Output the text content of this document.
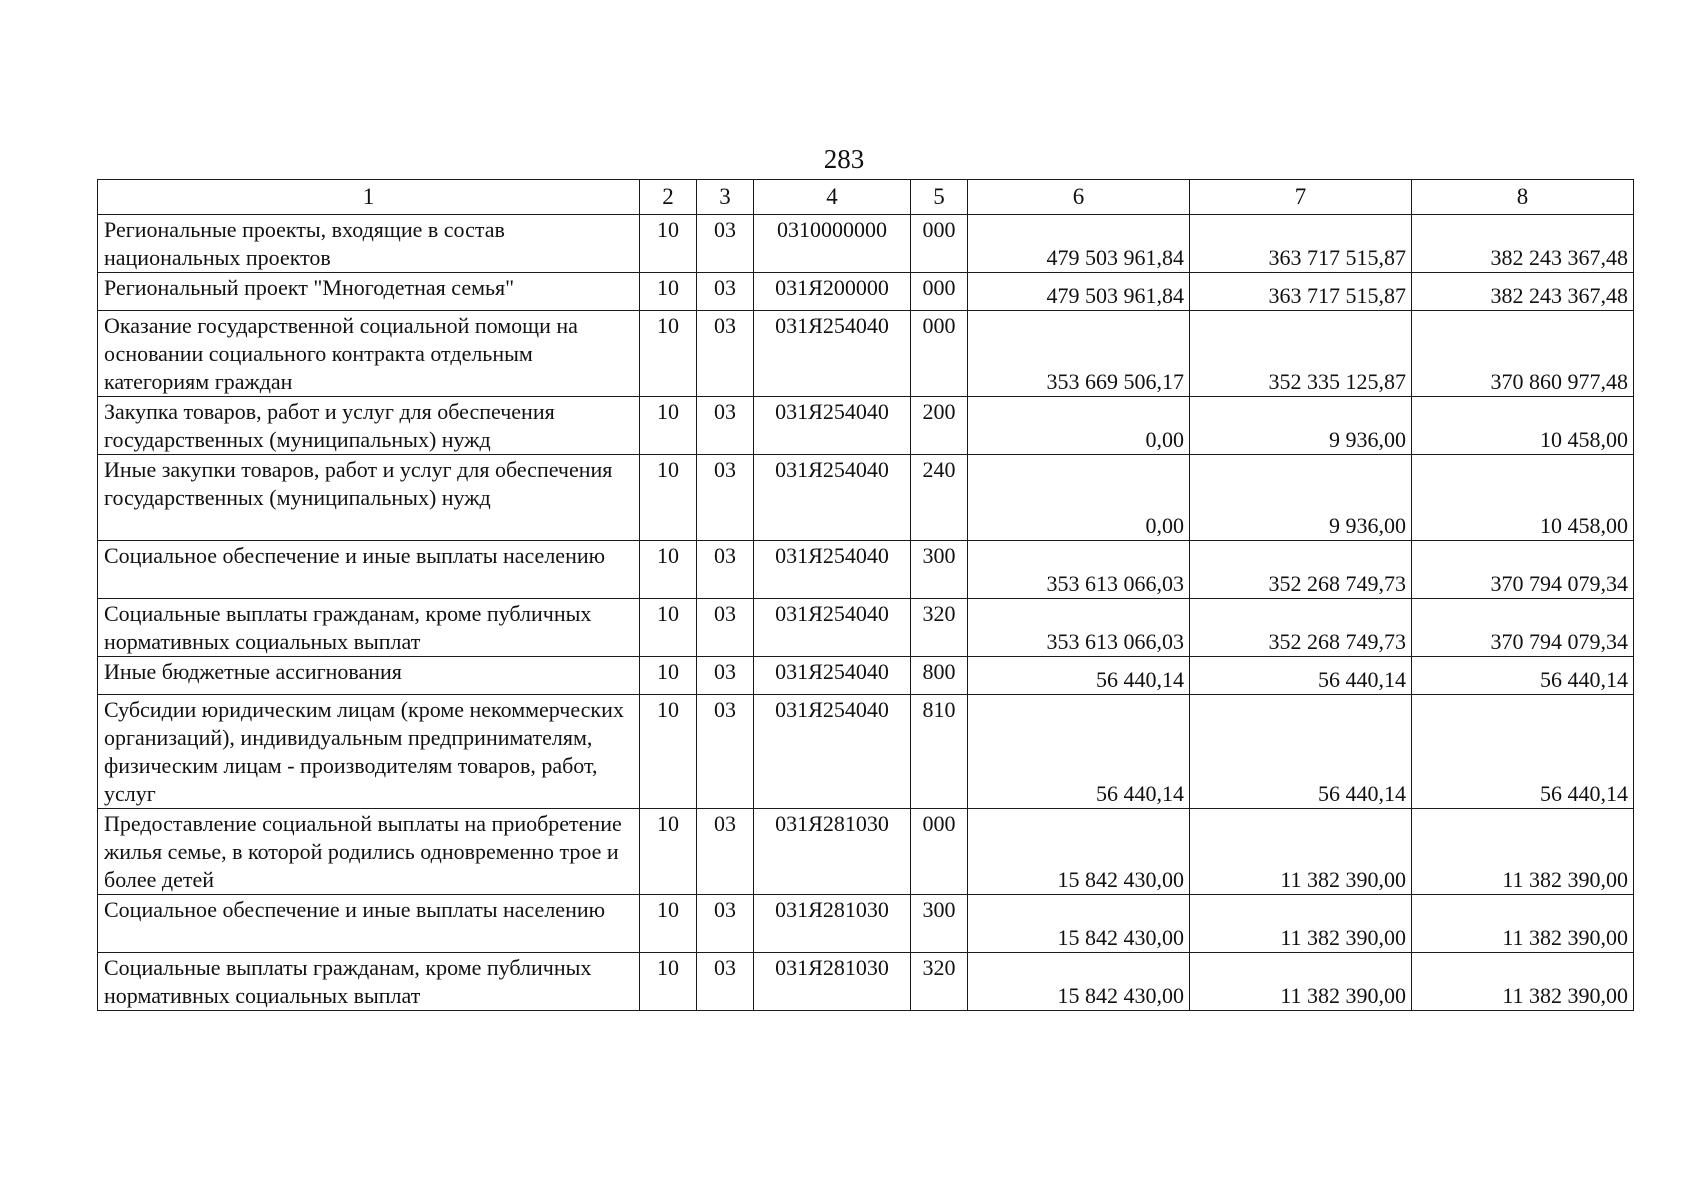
283
1	2	3	4	5	6	7	8
Региональные проекты, входящие в состав национальных проектов	10	03	0310000000	000	479 503 961,84	363 717 515,87	382 243 367,48
Региональный проект "Многодетная семья"	10	03	031Я200000	000	479 503 961,84	363 717 515,87	382 243 367,48
Оказание государственной социальной помощи на основании социального контракта отдельным категориям граждан	10	03	031Я254040	000	353 669 506,17	352 335 125,87	370 860 977,48
Закупка товаров, работ и услуг для обеспечения государственных (муниципальных) нужд	10	03	031Я254040	200	0,00	9 936,00	10 458,00
Иные закупки товаров, работ и услуг для обеспечения государственных (муниципальных) нужд	10	03	031Я254040	240	0,00	9 936,00	10 458,00
Социальное обеспечение и иные выплаты населению	10	03	031Я254040	300	353 613 066,03	352 268 749,73	370 794 079,34
Социальные выплаты гражданам, кроме публичных нормативных социальных выплат	10	03	031Я254040	320	353 613 066,03	352 268 749,73	370 794 079,34
Иные бюджетные ассигнования	10	03	031Я254040	800	56 440,14	56 440,14	56 440,14
Субсидии юридическим лицам (кроме некоммерческих организаций), индивидуальным предпринимателям, физическим лицам - производителям товаров, работ, услуг	10	03	031Я254040	810	56 440,14	56 440,14	56 440,14
Предоставление социальной выплаты на приобретение жилья семье, в которой родились одновременно трое и более детей	10	03	031Я281030	000	15 842 430,00	11 382 390,00	11 382 390,00
Социальное обеспечение и иные выплаты населению	10	03	031Я281030	300	15 842 430,00	11 382 390,00	11 382 390,00
Социальные выплаты гражданам, кроме публичных нормативных социальных выплат	10	03	031Я281030	320	15 842 430,00	11 382 390,00	11 382 390,00
